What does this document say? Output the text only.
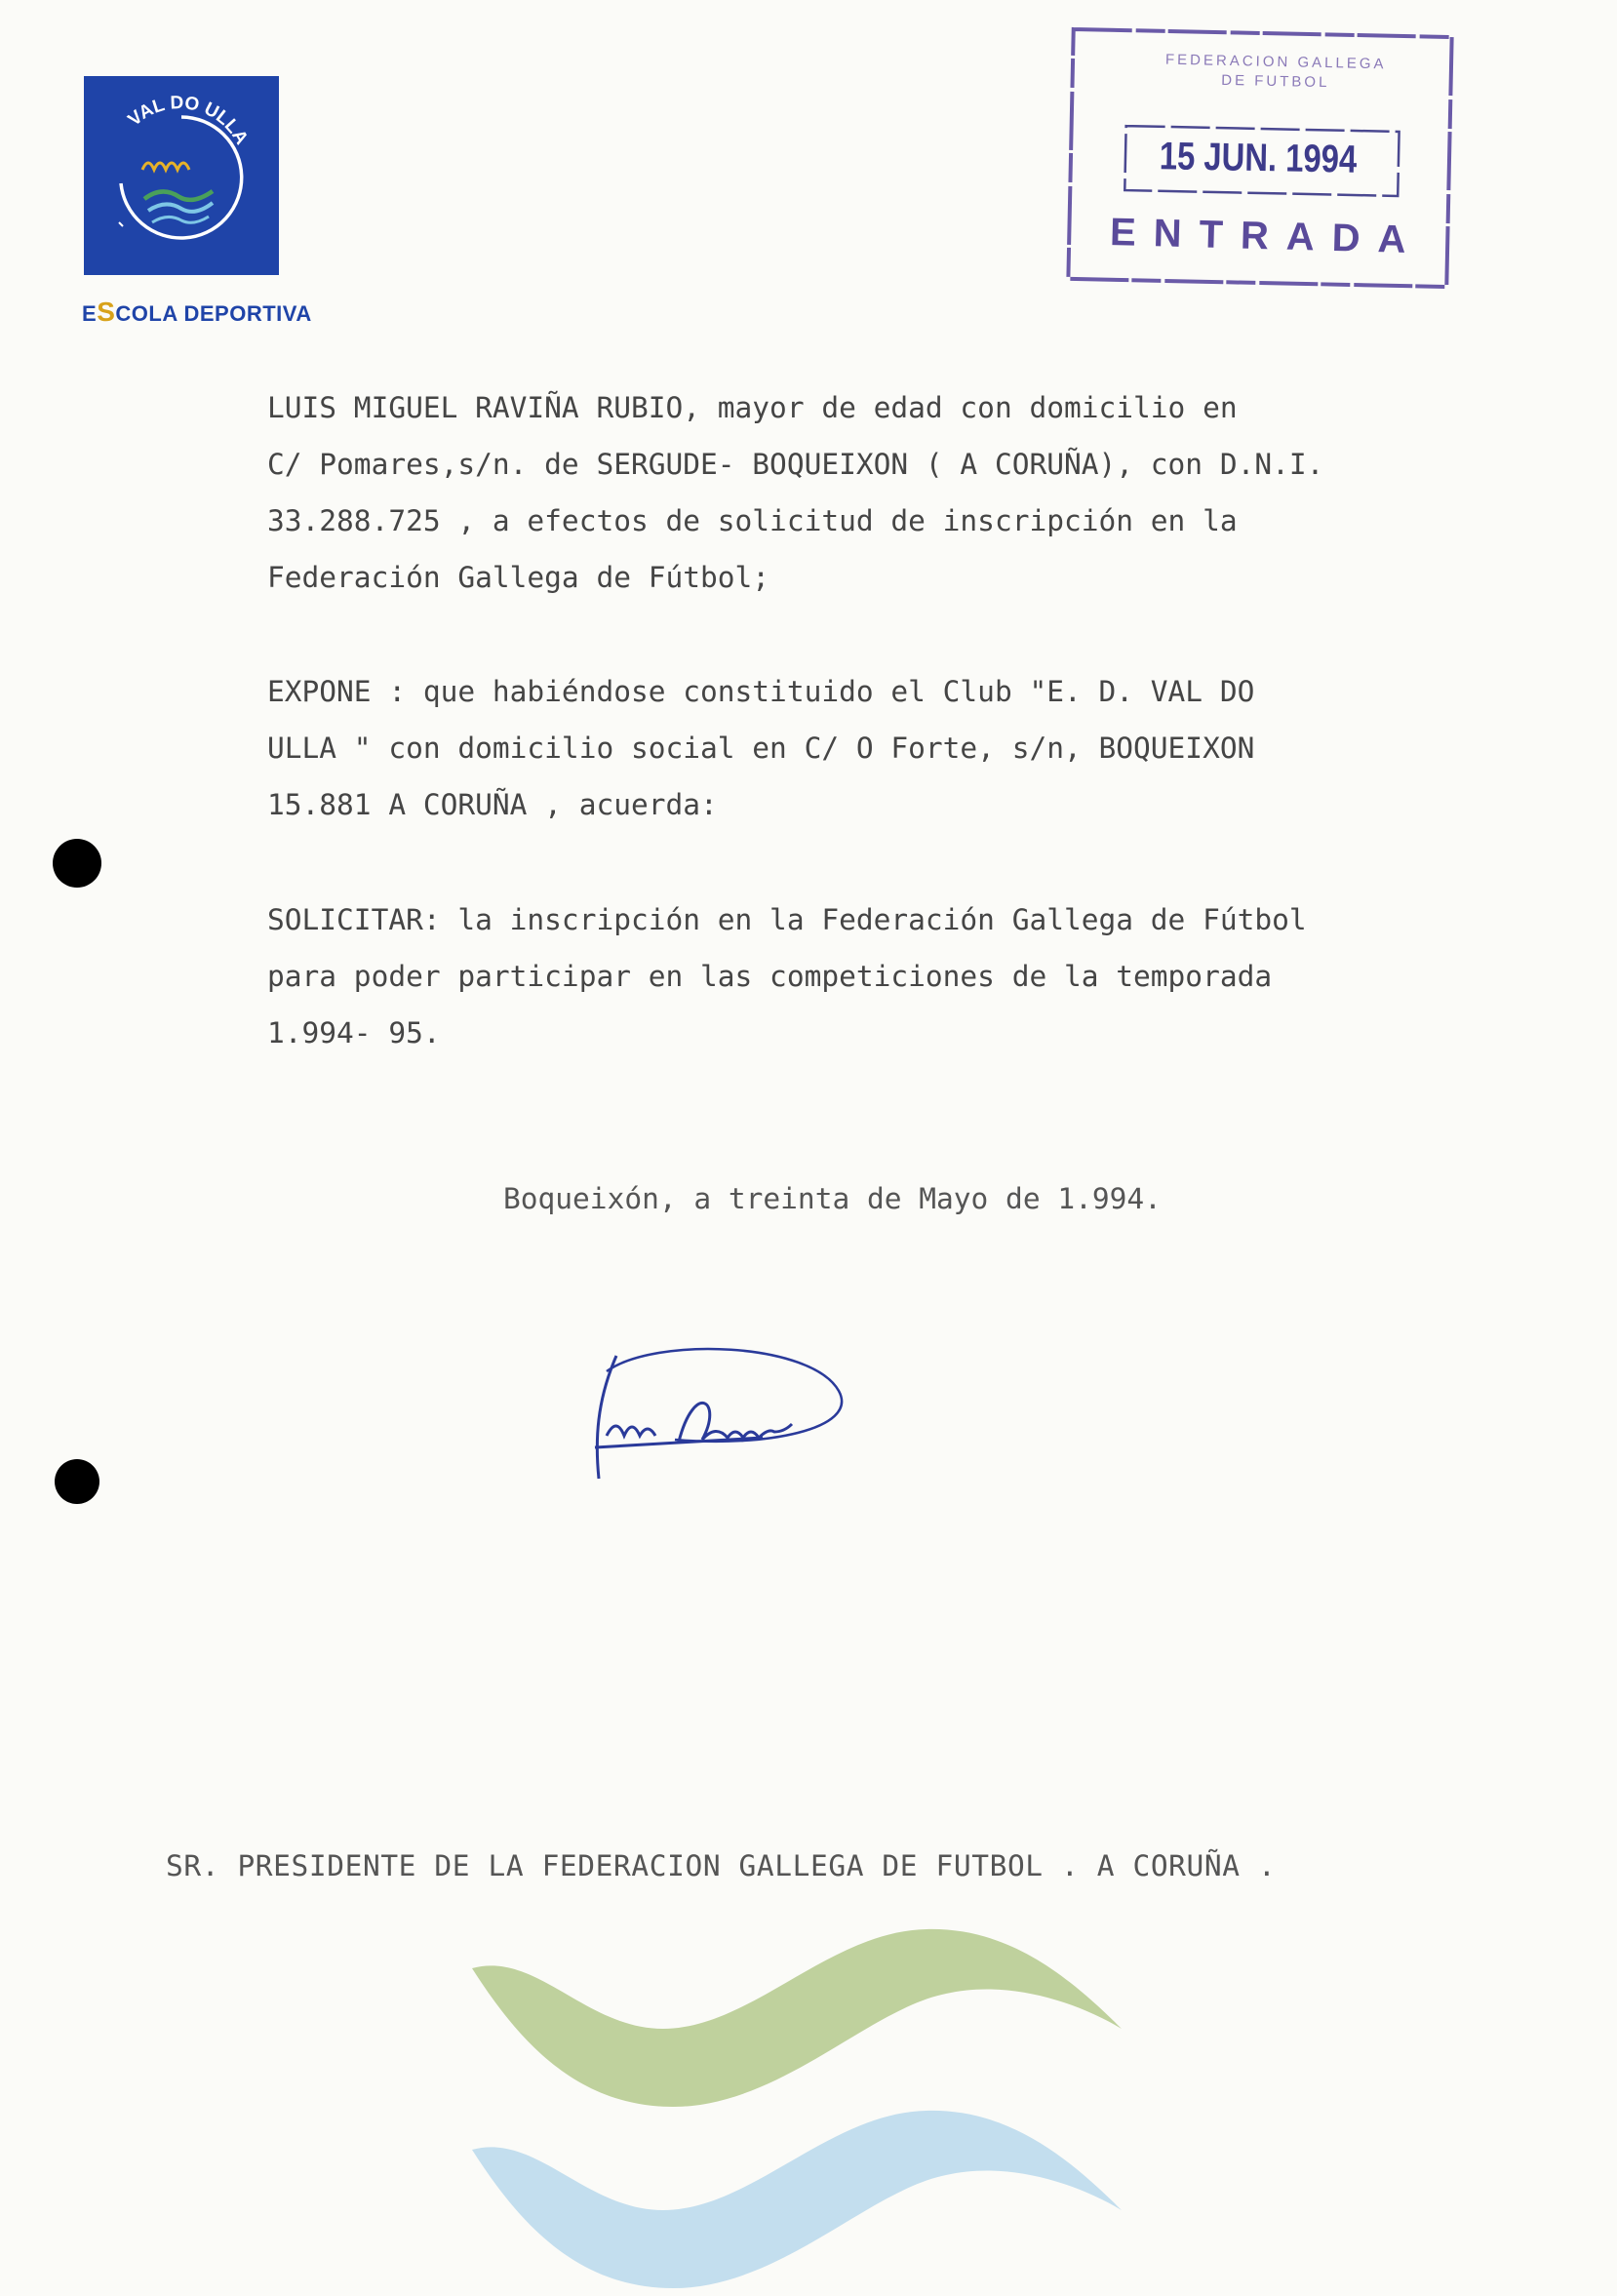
VAL DO ULLA
ESCOLA DEPORTIVA
FEDERACION GALLEGA
DE FUTBOL
15 JUN. 1994
ENTRADA
LUIS MIGUEL RAVIÑA RUBIO, mayor de edad con domicilio en
C/ Pomares,s/n. de SERGUDE- BOQUEIXON ( A CORUÑA), con D.N.I.
33.288.725 , a efectos de solicitud de inscripción en la
Federación Gallega de Fútbol;
EXPONE : que habiéndose constituido el Club "E. D. VAL DO
ULLA " con domicilio social en C/ O Forte, s/n, BOQUEIXON
15.881 A CORUÑA , acuerda:
SOLICITAR: la inscripción en la Federación Gallega de Fútbol
para poder participar en las competiciones de la temporada
1.994- 95.
Boqueixón, a treinta de Mayo de 1.994.
SR. PRESIDENTE DE LA FEDERACION GALLEGA DE FUTBOL . A CORUÑA .
